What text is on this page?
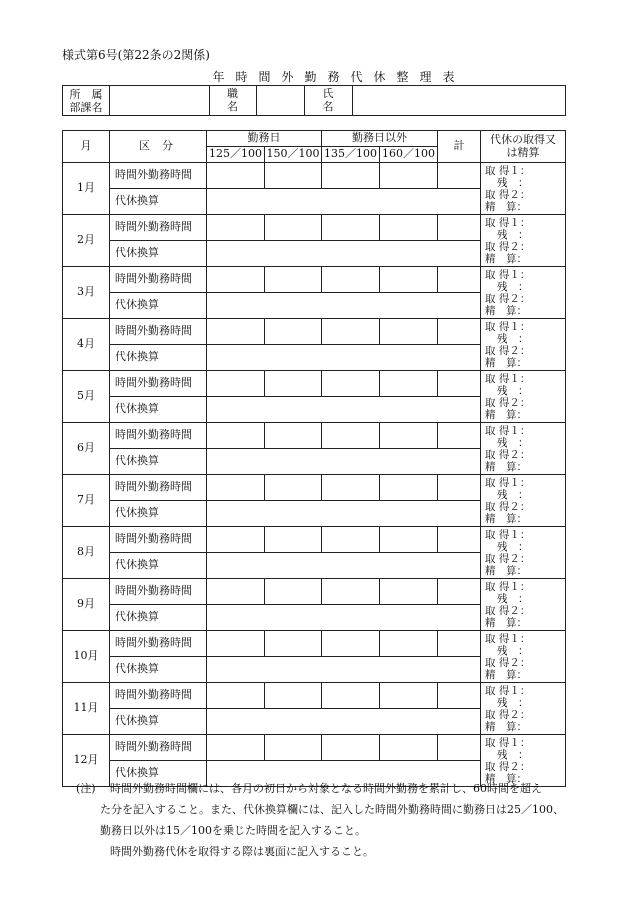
様式第6号(第22条の2関係)
年時間外勤務代休整理表
所　属
部課名
		職名		氏名	
月	区分	勤務日		勤務日以外		計	代休の取得又
は精算

		125／100	150／100	135／100	160／100		
1月	時間外勤務時間						取 得１：
残　：
取 得２：
精　算：

	代休換算						
2月	時間外勤務時間						取 得１：
残　：
取 得２：
精　算：

	代休換算						
3月	時間外勤務時間						取 得１：
残　：
取 得２：
精　算：

	代休換算						
4月	時間外勤務時間						取 得１：
残　：
取 得２：
精　算：

	代休換算						
5月	時間外勤務時間						取 得１：
残　：
取 得２：
精　算：

	代休換算						
6月	時間外勤務時間						取 得１：
残　：
取 得２：
精　算：

	代休換算						
7月	時間外勤務時間						取 得１：
残　：
取 得２：
精　算：

	代休換算						
8月	時間外勤務時間						取 得１：
残　：
取 得２：
精　算：

	代休換算						
9月	時間外勤務時間						取 得１：
残　：
取 得２：
精　算：

	代休換算						
10月	時間外勤務時間						取 得１：
残　：
取 得２：
精　算：

	代休換算						
11月	時間外勤務時間						取 得１：
残　：
取 得２：
精　算：

	代休換算						
12月	時間外勤務時間						取 得１：
残　：
取 得２：
精　算：

	代休換算						
(注) 時間外勤務時間欄には、各月の初日から対象となる時間外勤務を累計し、60時間を超え
た分を記入すること。また、代休換算欄には、記入した時間外勤務時間に勤務日は25／100、
勤務日以外は15／100を乗じた時間を記入すること。
時間外勤務代休を取得する際は裏面に記入すること。
